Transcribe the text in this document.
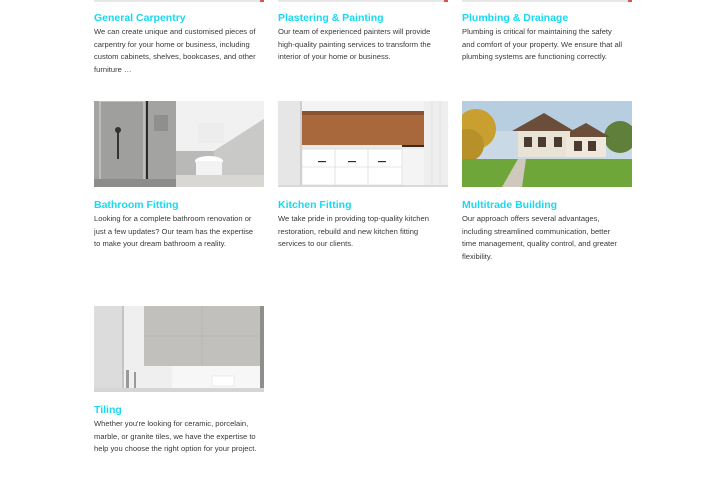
General Carpentry
We can create unique and customised pieces of
carpentry for your home or business, including
custom cabinets, shelves, bookcases, and other
furniture …
Plastering & Painting
Our team of experienced painters will provide
high-quality painting services to transform the
interior of your home or business.
Plumbing & Drainage
Plumbing is critical for maintaining the safety
and comfort of your property. We ensure that all
plumbing systems are functioning correctly.
Bathroom Fitting
Looking for a complete bathroom renovation or
just a few updates? Our team has the expertise
to make your dream bathroom a reality.
Kitchen Fitting
We take pride in providing top-quality kitchen
restoration, rebuild and new kitchen fitting
services to our clients.
Multitrade Building
Our approach offers several advantages,
including streamlined communication, better
time management, quality control, and greater
flexibility.
Tiling
Whether you're looking for ceramic, porcelain,
marble, or granite tiles, we have the expertise to
help you choose the right option for your project.
